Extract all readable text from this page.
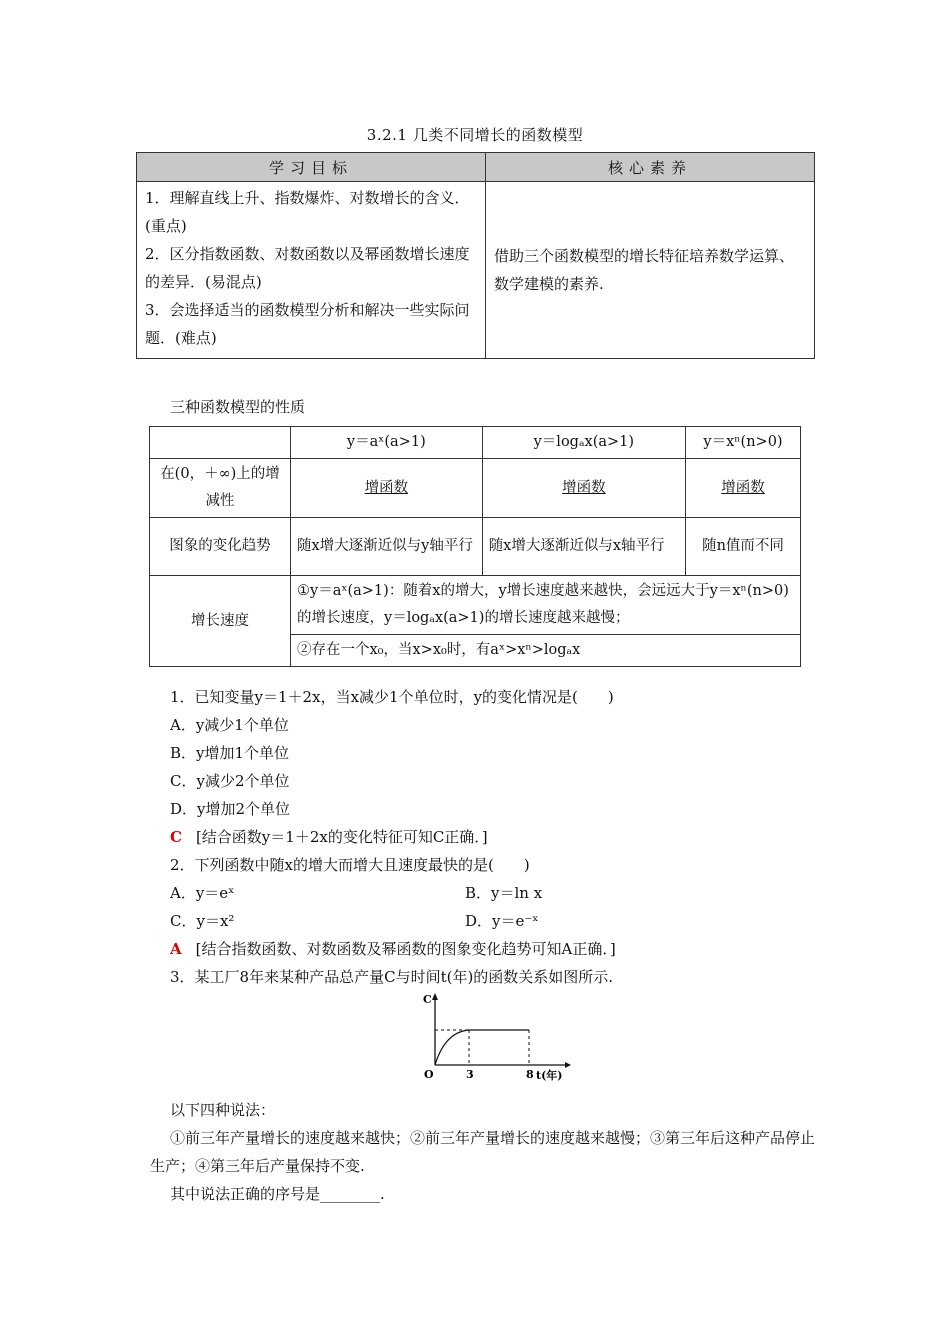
3.2.1 几类不同增长的函数模型
学习目标	核心素养

1．理解直线上升、指数爆炸、对数增长的含义．(重点)
2．区分指数函数、对数函数以及幂函数增长速度的差异．(易混点)
3．会选择适当的函数模型分析和解决一些实际问题．(难点)	借助三个函数模型的增长特征培养数学运算、数学建模的素养.
三种函数模型的性质
	y＝aˣ(a>1)	y＝logₐx(a>1)	y＝xⁿ(n>0)
在(0，＋∞)上的增减性	增函数	增函数	增函数
图象的变化趋势	随x增大逐渐近似与y轴平行	随x增大逐渐近似与x轴平行	随n值而不同
增长速度	①y＝aˣ(a>1)：随着x的增大，y增长速度越来越快，会远远大于y＝xⁿ(n>0)的增长速度，y＝logₐx(a>1)的增长速度越来越慢；		
	②存在一个x₀，当x>x₀时，有aˣ>xⁿ>logₐx		
1．已知变量y＝1＋2x，当x减少1个单位时，y的变化情况是(　　)
A．y减少1个单位
B．y增加1个单位
C．y减少2个单位
D．y增加2个单位
C [结合函数y＝1＋2x的变化特征可知C正确．]
2．下列函数中随x的增大而增大且速度最快的是(　　)
A．y＝eˣ	B．y＝ln x
C．y＝x²	D．y＝e⁻ˣ
A [结合指数函数、对数函数及幂函数的图象变化趋势可知A正确．]
3．某工厂8年来某种产品总产量C与时间t(年)的函数关系如图所示.
C
O	3	8 t(年)
以下四种说法：
①前三年产量增长的速度越来越快；②前三年产量增长的速度越来越慢；③第三年后这种产品停止生产；④第三年后产量保持不变.
其中说法正确的序号是________.
